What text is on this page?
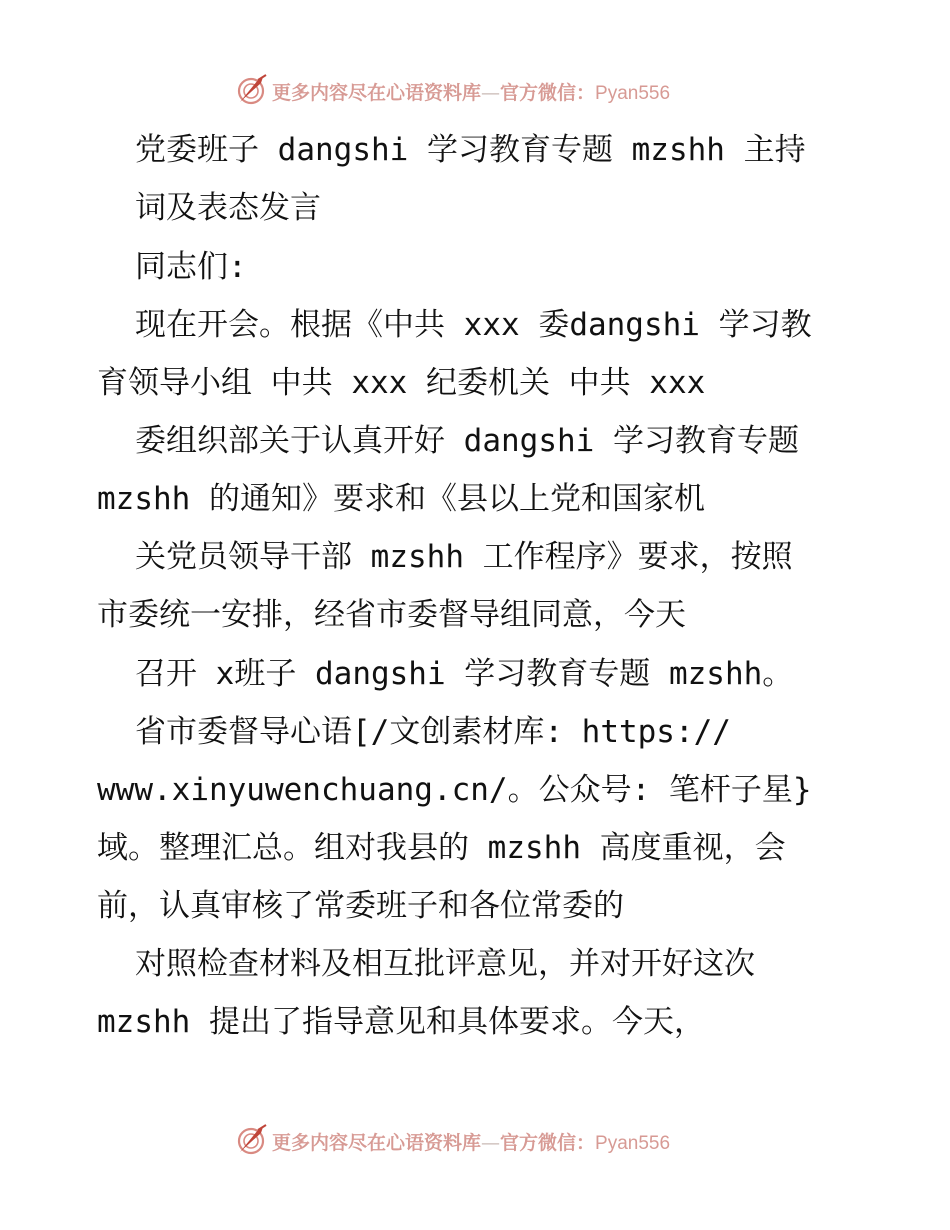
更多内容尽在心语资料库—官方微信：Pyan556
党委班子 dangshi 学习教育专题 mzshh 主持
词及表态发言
同志们:
现在开会。根据《中共 xxx 委dangshi 学习教
育领导小组 中共 xxx 纪委机关 中共 xxx
委组织部关于认真开好 dangshi 学习教育专题
mzshh 的通知》要求和《县以上党和国家机
关党员领导干部 mzshh 工作程序》要求，按照
市委统一安排，经省市委督导组同意，今天
召开 x班子 dangshi 学习教育专题 mzshh。
省市委督导心语[/文创素材库: https://
www.xinyuwenchuang.cn/。公众号: 笔杆子星}
域。整理汇总。组对我县的 mzshh 高度重视，会
前，认真审核了常委班子和各位常委的
对照检查材料及相互批评意见，并对开好这次
mzshh 提出了指导意见和具体要求。今天，
更多内容尽在心语资料库—官方微信：Pyan556
